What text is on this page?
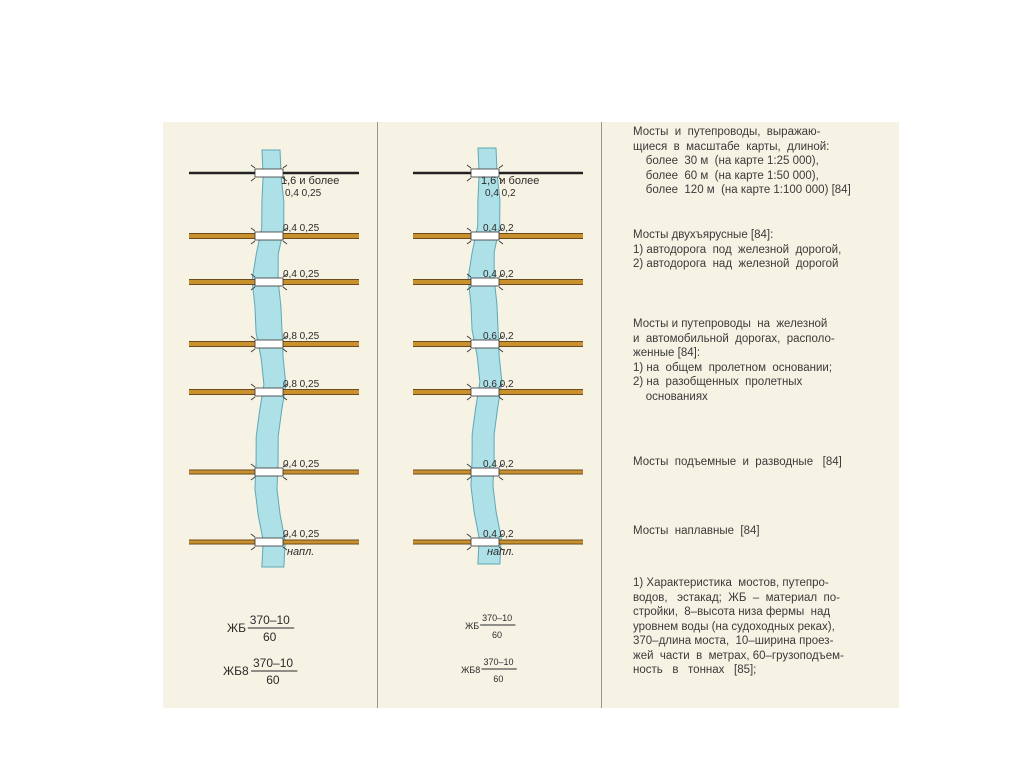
1,6 и более
0,4 0,25
0,4 0,25
0,4 0,25
0,8 0,25
0,8 0,25
0,4 0,25
0,4 0,25
напл.
1,6 и более
0,4 0,2
0,4 0,2
0,4 0,2
0,6 0,2
0,6 0,2
0,4 0,2
0,4 0,2
напл.
ЖБ
370–10
60
ЖБ8
370–10
60
ЖБ
370–10
60
ЖБ8
370–10
60
Мосты  и  путепроводы,  выражаю-
щиеся  в  масштабе  карты,  длиной:
более  30 м  (на карте 1:25 000),
более  60 м  (на карте 1:50 000),
более  120 м  (на карте 1:100 000) [84]
Мосты двухъярусные [84]:
1) автодорога  под  железной  дорогой,
2) автодорога  над  железной  дорогой
Мосты и путепроводы  на  железной
и  автомобильной  дорогах,  располо-
женные [84]:
1) на  общем  пролетном  основании;
2) на  разобщенных  пролетных
основаниях
Мосты  подъемные  и  разводные   [84]
Мосты  наплавные  [84]
1) Характеристика  мостов, путепро-
водов,   эстакад;  ЖБ  –  материал  по-
стройки,  8–высота низа фермы  над
уровнем воды (на судоходных реках),
370–длина моста,  10–ширина проез-
жей  части  в  метрах, 60–грузоподъем-
ность   в   тоннах   [85];
